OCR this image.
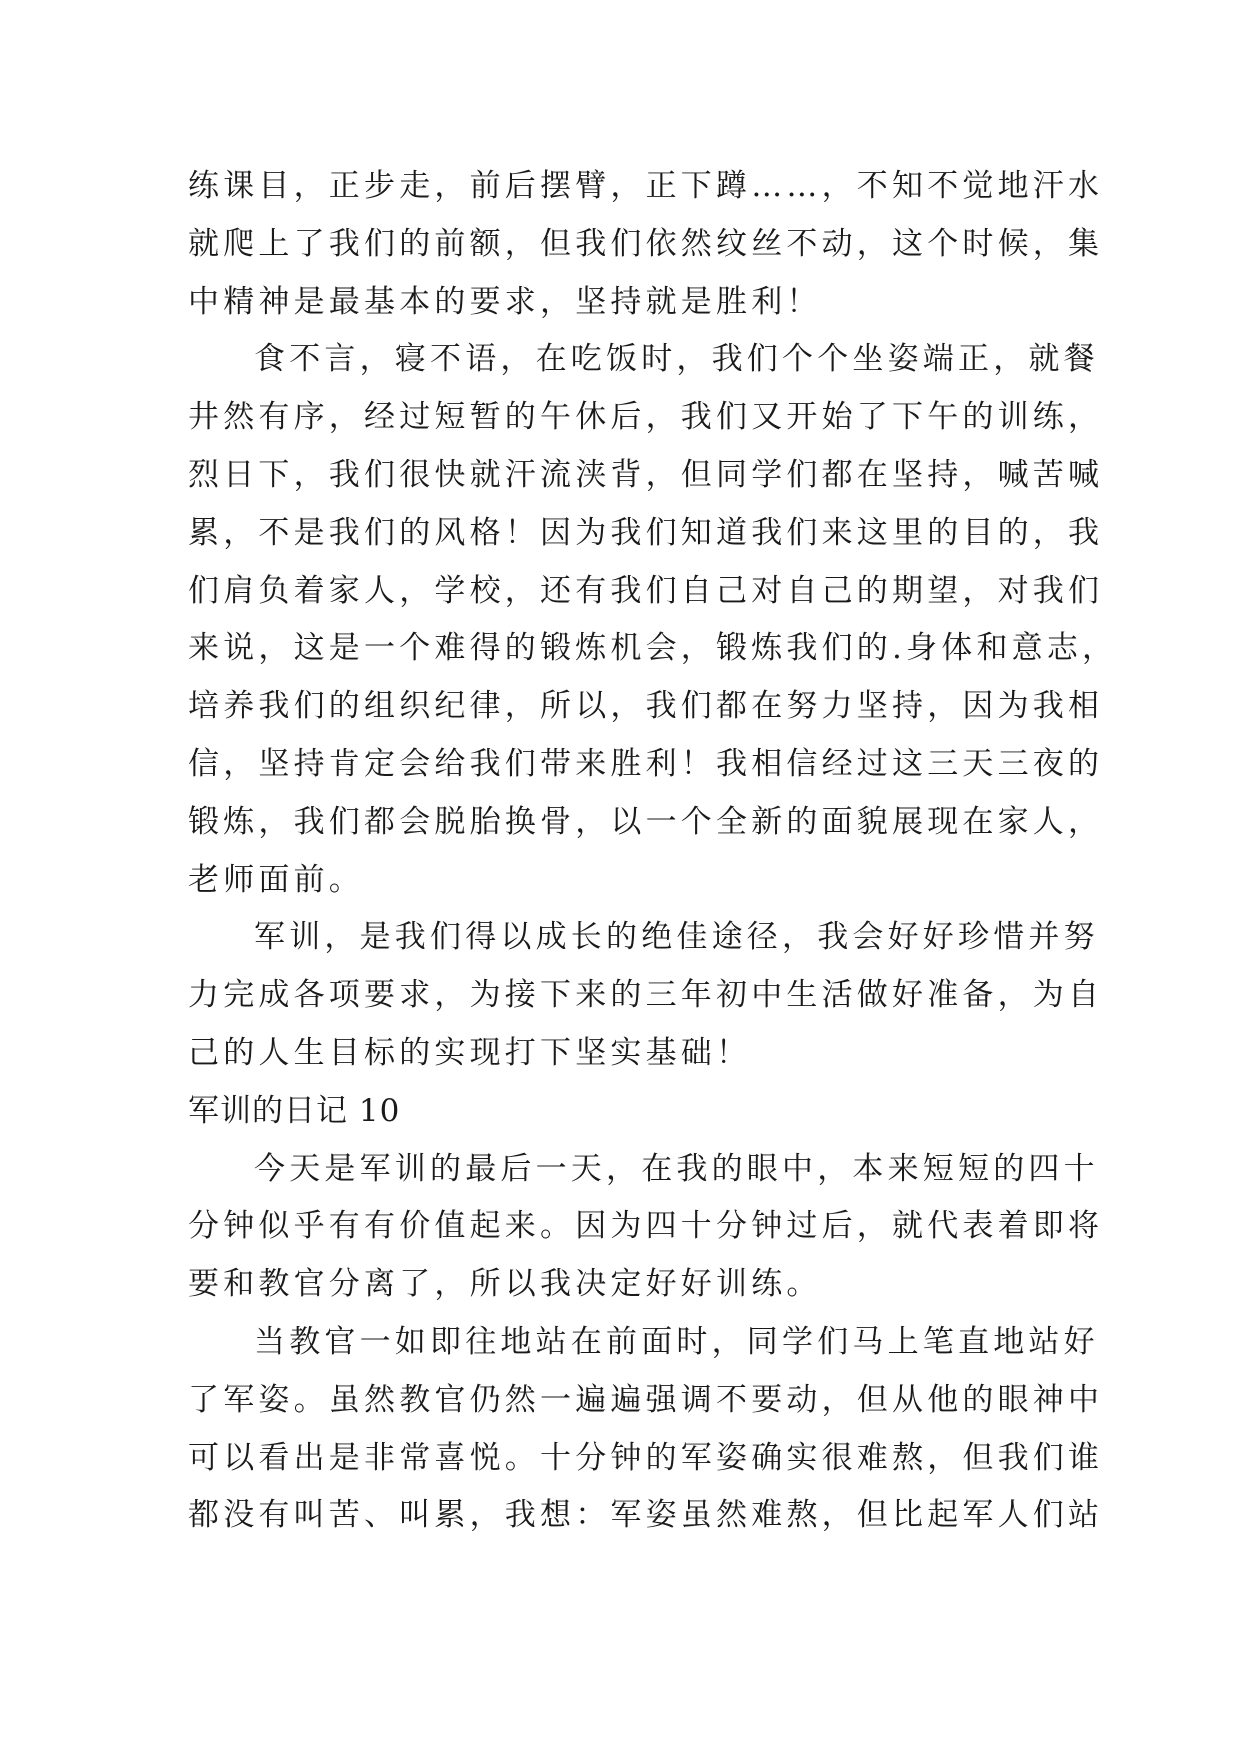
练课目，正步走，前后摆臂，正下蹲……，不知不觉地汗水
就爬上了我们的前额，但我们依然纹丝不动，这个时候，集
中精神是最基本的要求，坚持就是胜利！
食不言，寝不语，在吃饭时，我们个个坐姿端正，就餐
井然有序，经过短暂的午休后，我们又开始了下午的训练，
烈日下，我们很快就汗流浃背，但同学们都在坚持，喊苦喊
累，不是我们的风格！因为我们知道我们来这里的目的，我
们肩负着家人，学校，还有我们自己对自己的期望，对我们
来说，这是一个难得的锻炼机会，锻炼我们的.身体和意志，
培养我们的组织纪律，所以，我们都在努力坚持，因为我相
信，坚持肯定会给我们带来胜利！我相信经过这三天三夜的
锻炼，我们都会脱胎换骨，以一个全新的面貌展现在家人，
老师面前。
军训，是我们得以成长的绝佳途径，我会好好珍惜并努
力完成各项要求，为接下来的三年初中生活做好准备，为自
己的人生目标的实现打下坚实基础！
军训的日记 10
今天是军训的最后一天，在我的眼中，本来短短的四十
分钟似乎有有价值起来。因为四十分钟过后，就代表着即将
要和教官分离了，所以我决定好好训练。
当教官一如即往地站在前面时，同学们马上笔直地站好
了军姿。虽然教官仍然一遍遍强调不要动，但从他的眼神中
可以看出是非常喜悦。十分钟的军姿确实很难熬，但我们谁
都没有叫苦、叫累，我想：军姿虽然难熬，但比起军人们站
